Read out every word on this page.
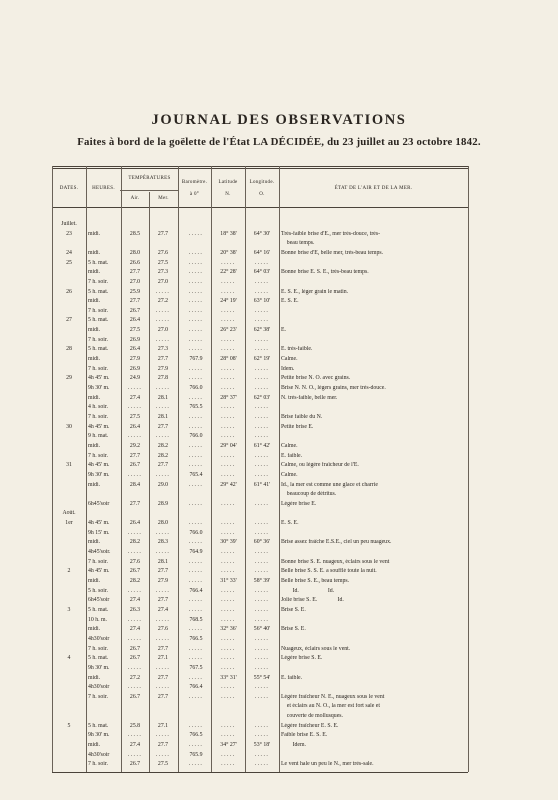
JOURNAL DES OBSERVATIONS
Faites à bord de la goëlette de l'État LA DÉCIDÉE, du 23 juillet au 23 octobre 1842.
DATES.	HEURES.
TEMPÉRATURES
Air.	Mer.
Baromètre.
à 0°
Latitude
N.
Longitude.
O.
ÉTAT DE L'AIR ET DE LA MER.
Juillet.
23	midi.	28.5	27.7	.....	18° 38'	64° 30'	Très-faible brise d'E., mer très-douce, très-
beau temps.
24	midi.	28.0	27.6	.....	20° 38'	64° 16'	Bonne brise d'E, belle mer, très-beau temps.
25	5 h. mat.	26.6	27.5	.....	.....	.....
midi.	27.7	27.3	.....	22° 28'	64° 03'	Bonne brise E. S. E., très-beau temps.
7 h. soir.	27.0	27.0	.....	.....	.....
26	5 h. mat.	25.9	.....	.....	.....	.....	E. S. E., léger grain le matin.
midi.	27.7	27.2	.....	24° 19'	63° 10'	E. S. E.
7 h. soir.	26.7	.....	.....	.....	.....
27	5 h. mat.	26.4	.....	.....	.....	.....
midi.	27.5	27.0	.....	26° 23'	62° 38'	E.
7 h. soir.	26.9	.....	.....	.....	.....
28	5 h. mat.	26.4	27.3	.....	.....	.....	E. très-faible.
midi.	27.9	27.7	767.9	28° 08'	62° 19'	Calme.
7 h. soir.	26.9	27.9	.....	.....	.....	Idem.
29	4h 45' m.	24.9	27.8	.....	.....	.....	Petite brise N. O. avec grains.
9h 30' m.	.....	.....	766.0	.....	.....	Brise N. N. O., légers grains, mer très-douce.
midi.	27.4	28.1	.....	28° 37'	62° 03'	N. très-faible, belle mer.
4 h. soir.	.....	.....	765.5	.....	.....
7 h. soir.	27.5	28.1	.....	.....	.....	Brise faible du N.
30	4h 45' m.	26.4	27.7	.....	.....	.....	Petite brise E.
9 h. mat.	.....	.....	766.0	.....	.....
midi.	29.2	28.2	.....	29° 04'	61° 42'	Calme.
7 h. soir.	27.7	28.2	.....	.....	.....	E. faible.
31	4h 45' m.	26.7	27.7	.....	.....	.....	Calme, ou légère fraîcheur de l'E.
9h 30' m.	.....	.....	765.4	.....	.....	Calme.
midi.	28.4	29.0	.....	29° 42'	61° 41'	Id., la mer est comme une glace et charrie
beaucoup de détritus.
6h45'soir	27.7	28.9	.....	.....	.....	Légère brise E.
Août.
1er	4h 45' m.	26.4	28.0	.....	.....	.....	E. S. E.
9h 15' m.	.....	.....	766.0	.....	.....
midi.	28.2	28.3	.....	30° 39'	60° 36'	Brise assez fraîche E.S.E., ciel un peu nuageux.
4h45'soir.	.....	.....	764.9	.....	.....
7 h. soir.	27.6	28.1	.....	.....	.....	Bonne brise S. E. nuageux, éclairs sous le vent
2	4h 45' m.	26.7	27.7	.....	.....	.....	Belle brise S. S. E. a soufflé toute la nuit.
midi.	28.2	27.9	.....	31° 33'	58° 39'	Belle brise S. E., beau temps.
5 h. soir.	.....	.....	766.4	.....	.....	Id.                    Id.
6h45'soir	27.4	27.7	.....	.....	.....	Jolie brise S. E.              Id.
3	5 h. mat.	26.3	27.4	.....	.....	.....	Brise S. E.
10 h. m.	.....	.....	768.5	.....	.....
midi.	27.4	27.6	.....	32° 36'	56° 40'	Brise S. E.
4h30'soir	.....	.....	766.5	.....	.....
7 h. soir.	26.7	27.7	.....	.....	.....	Nuageux, éclairs sous le vent.
4	5 h. mat.	26.7	27.1	.....	.....	.....	Légère brise S. E.
9h 30' m.	.....	.....	767.5	.....	.....
midi.	27.2	27.7	.....	33° 31'	55° 54'	E. faible.
4h30'soir	.....	.....	766.4	.....	.....
7 h. soir.	26.7	27.7	.....	.....	.....	Légère fraîcheur N. E., nuageux sous le vent
et éclairs au N. O., la mer est fort sale et
couverte de mollusques.
5	5 h. mat.	25.8	27.1	.....	.....	.....	Légère fraîcheur E. S. E.
9h 30' m.	.....	.....	766.5	.....	.....	Faible brise E. S. E.
midi.	27.4	27.7	.....	34° 27'	53° 18'	Idem.
4h30'soir	.....	.....	765.9	.....	.....
7 h. soir.	26.7	27.5	.....	.....	.....	Le vent hale un peu le N., mer très-sale.
